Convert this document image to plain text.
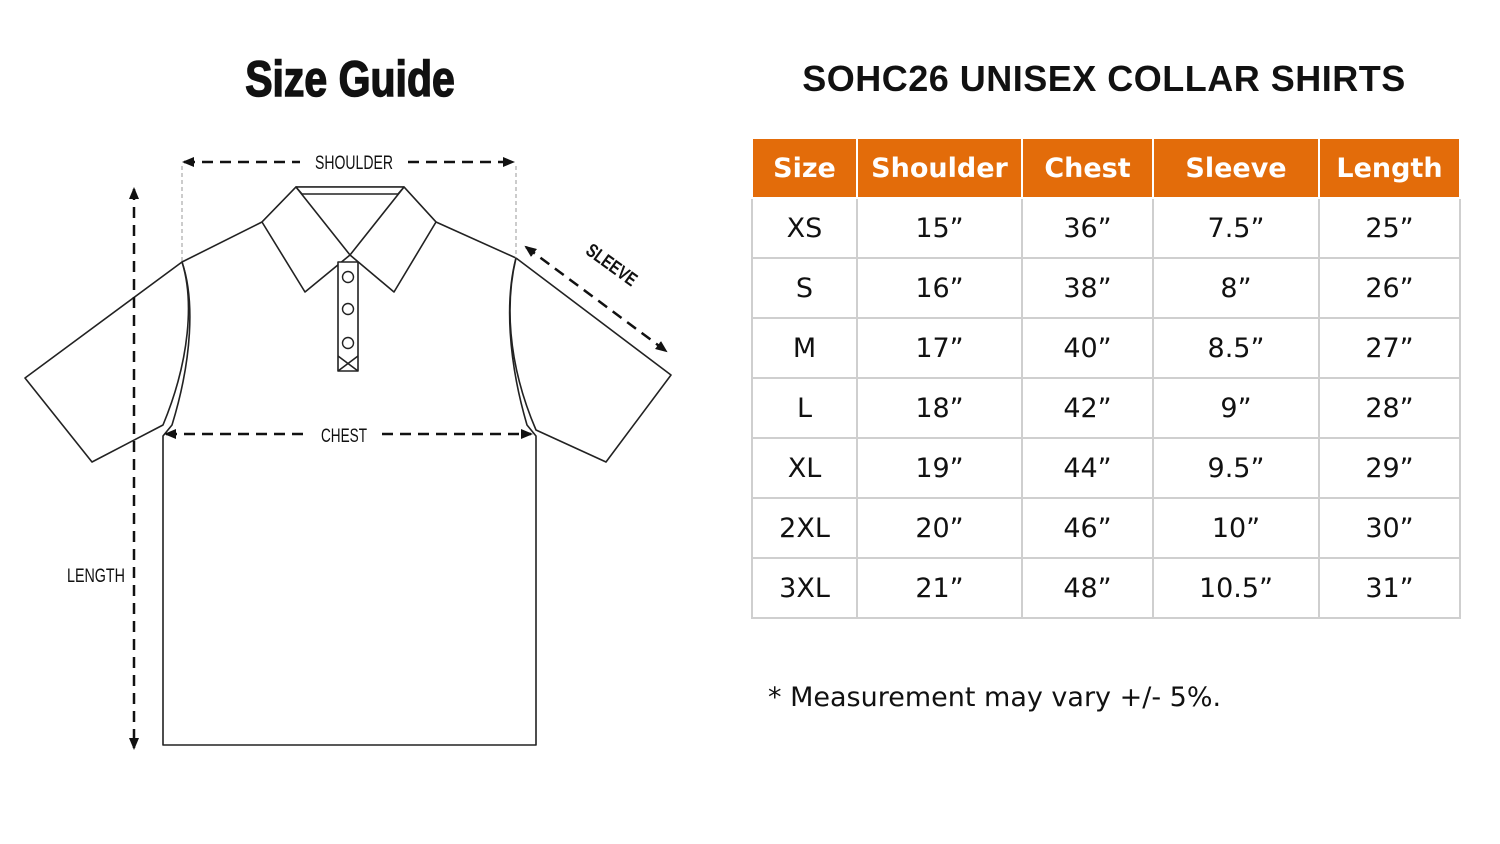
Size Guide	SOHC26 UNISEX COLLAR SHIRTS
SHOULDER
CHEST
LENGTH
SLEEVE
Size	Shoulder	Chest	Sleeve	Length
XS	15”	36”	7.5”	25”
S	16”	38”	8”	26”
M	17”	40”	8.5”	27”
L	18”	42”	9”	28”
XL	19”	44”	9.5”	29”
2XL	20”	46”	10”	30”
3XL	21”	48”	10.5”	31”
* Measurement may vary +/- 5%.
